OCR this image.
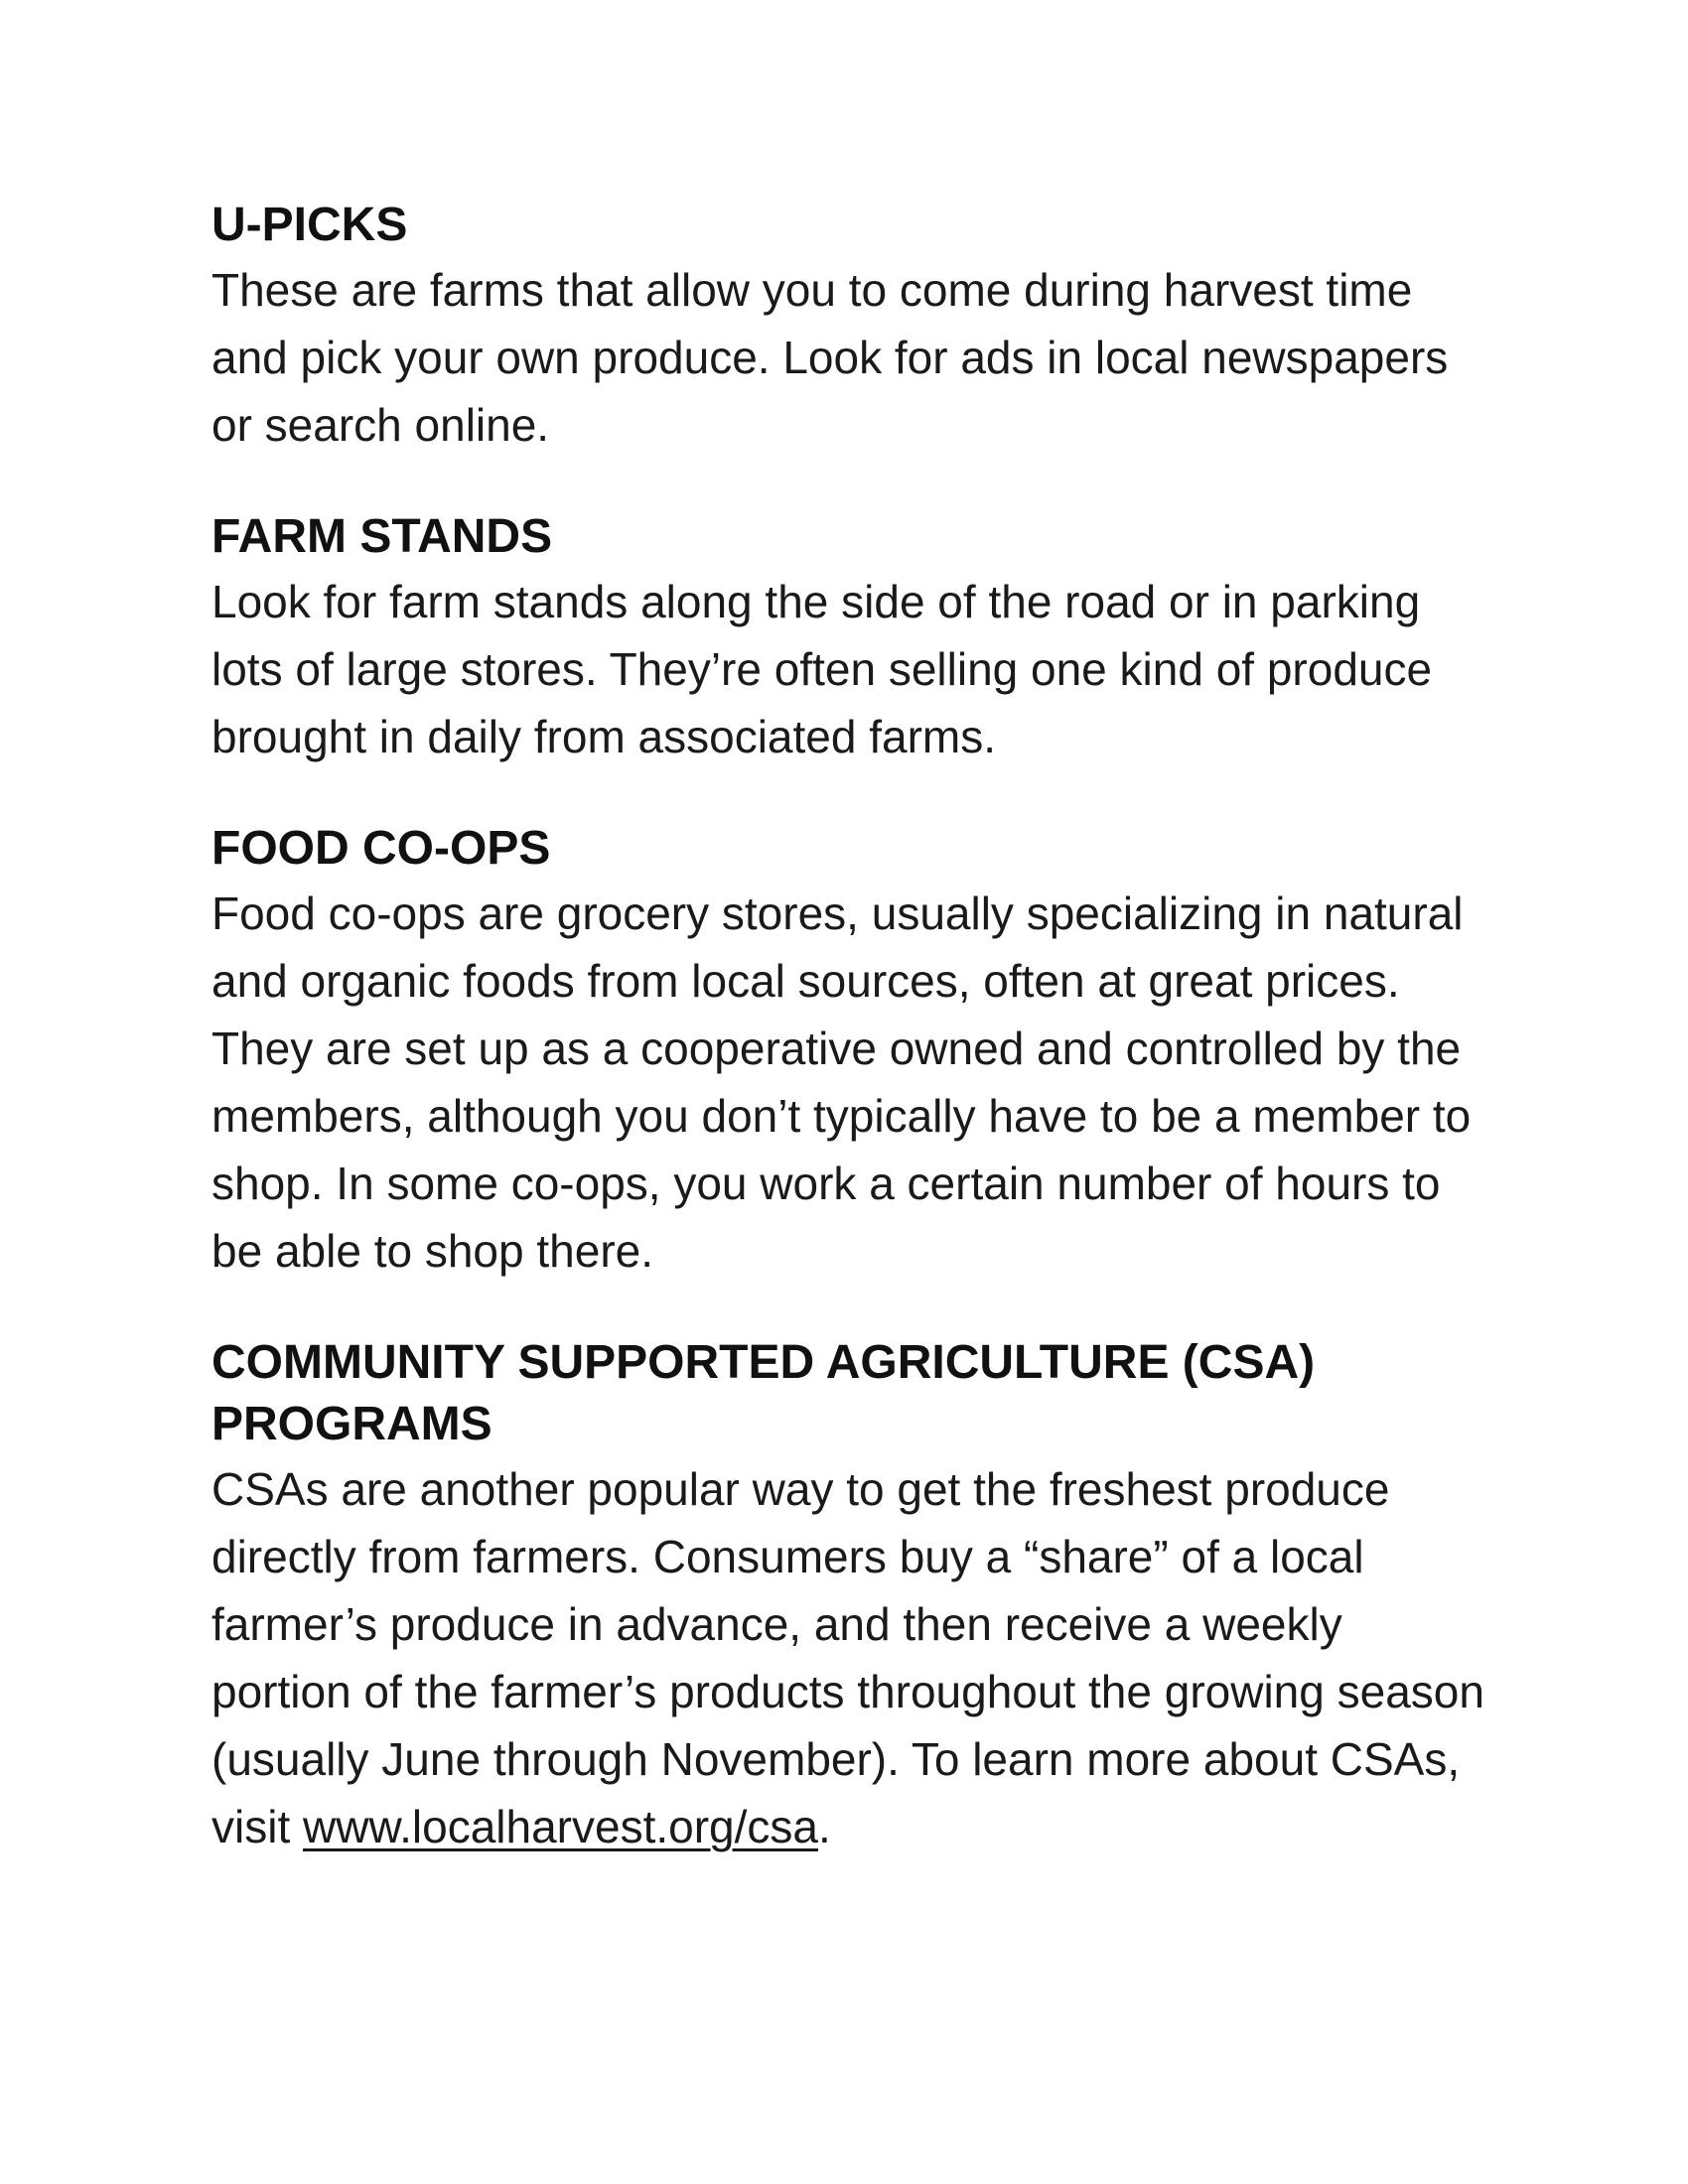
U-PICKS

These are farms that allow you to come during harvest time and pick your own produce. Look for ads in local newspapers or search online.

FARM STANDS

Look for farm stands along the side of the road or in parking lots of large stores. They’re often selling one kind of produce brought in daily from associated farms.

FOOD CO-OPS

Food co-ops are grocery stores, usually specializing in natural and organic foods from local sources, often at great prices. They are set up as a cooperative owned and controlled by the members, although you don’t typically have to be a member to shop. In some co-ops, you work a certain number of hours to be able to shop there.

COMMUNITY SUPPORTED AGRICULTURE (CSA) PROGRAMS

CSAs are another popular way to get the freshest produce directly from farmers. Consumers buy a “share” of a local farmer’s produce in advance, and then receive a weekly portion of the farmer’s products throughout the growing season (usually June through November). To learn more about CSAs, visit www.localharvest.org/csa.
